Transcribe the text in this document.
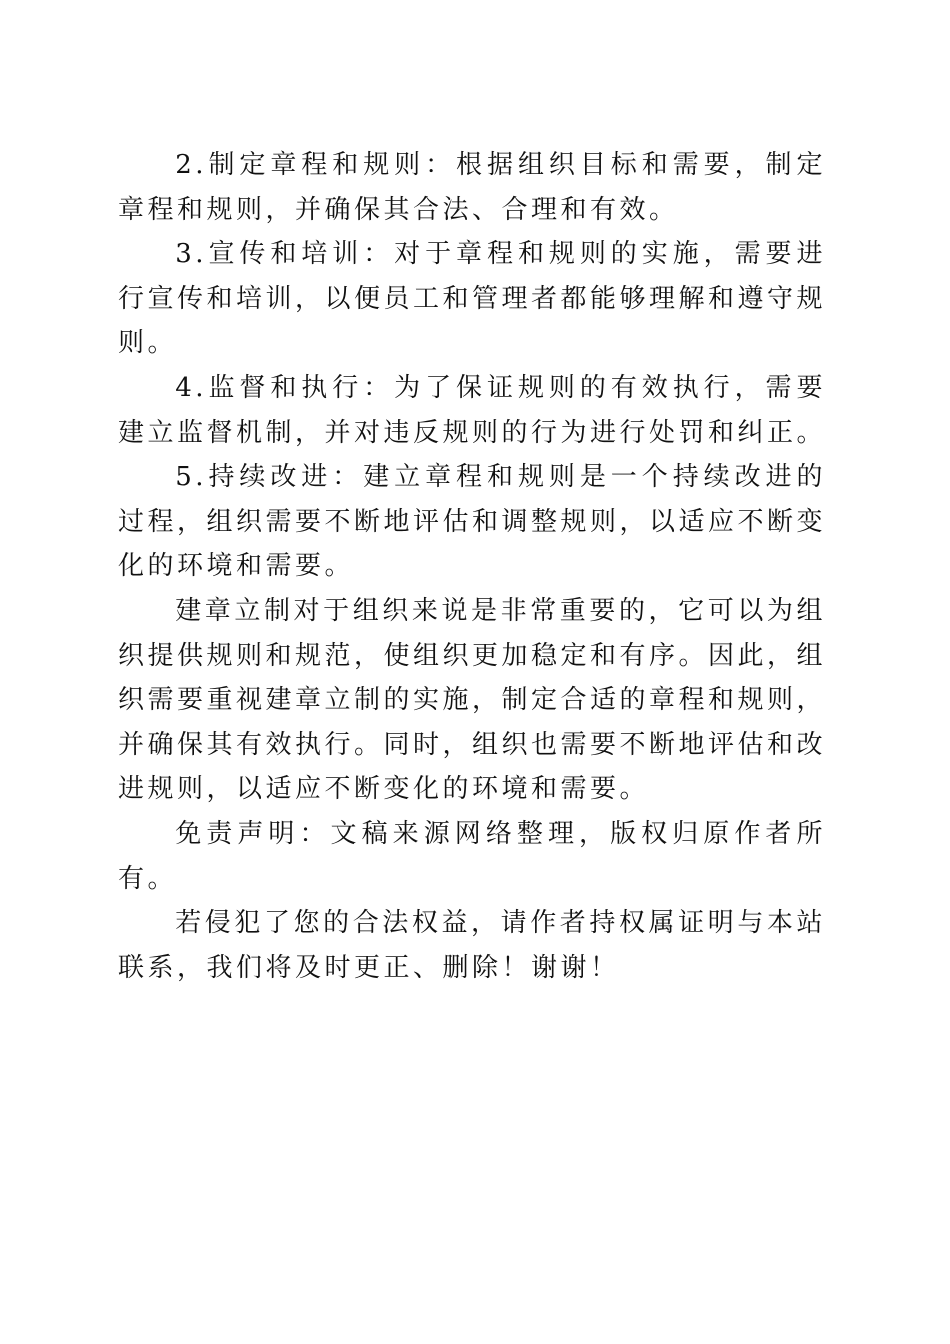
2.制定章程和规则：根据组织目标和需要，制定章程和规则，并确保其合法、合理和有效。

3.宣传和培训：对于章程和规则的实施，需要进行宣传和培训，以便员工和管理者都能够理解和遵守规则。

4.监督和执行：为了保证规则的有效执行，需要建立监督机制，并对违反规则的行为进行处罚和纠正。

5.持续改进：建立章程和规则是一个持续改进的过程，组织需要不断地评估和调整规则，以适应不断变化的环境和需要。

建章立制对于组织来说是非常重要的，它可以为组织提供规则和规范，使组织更加稳定和有序。因此，组织需要重视建章立制的实施，制定合适的章程和规则，并确保其有效执行。同时，组织也需要不断地评估和改进规则，以适应不断变化的环境和需要。

免责声明：文稿来源网络整理，版权归原作者所有。

若侵犯了您的合法权益，请作者持权属证明与本站联系，我们将及时更正、删除！谢谢！
